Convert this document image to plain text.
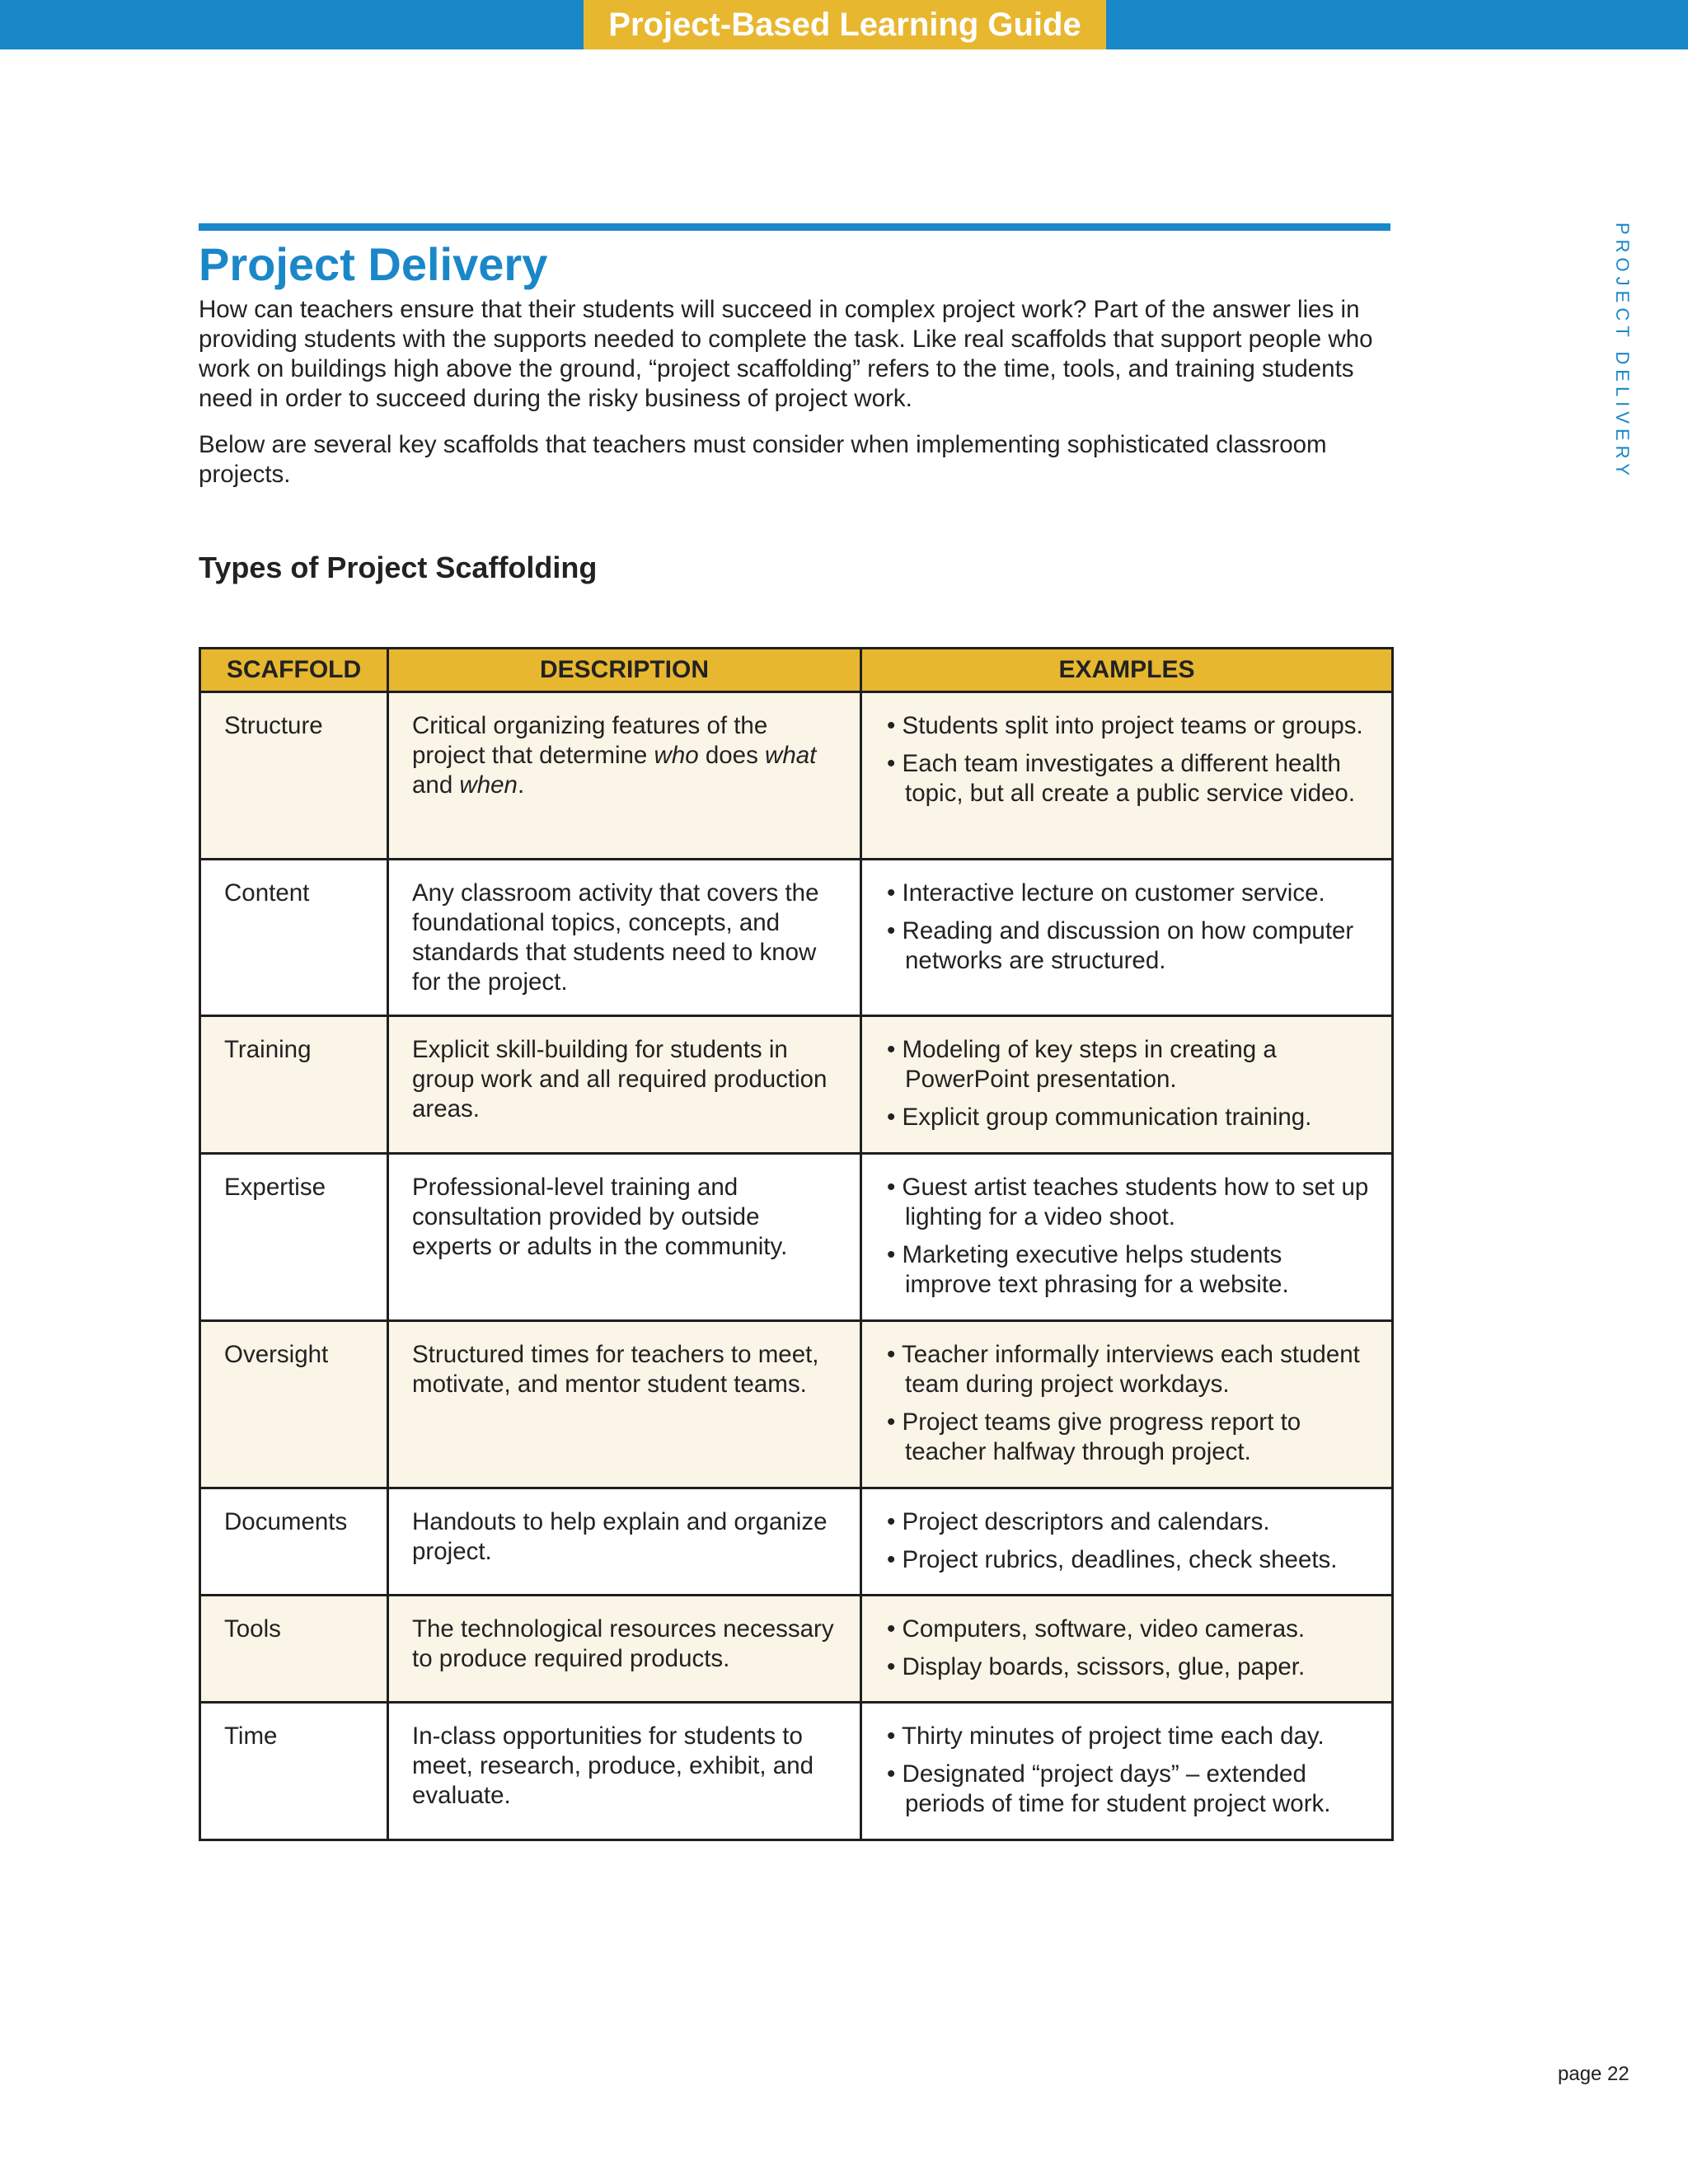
Project-Based Learning Guide
Project Delivery

How can teachers ensure that their students will succeed in complex project work? Part of the answer lies in providing students with the supports needed to complete the task. Like real scaffolds that support people who work on buildings high above the ground, “project scaffolding” refers to the time, tools, and training students need in order to succeed during the risky business of project work.

Below are several key scaffolds that teachers must consider when implementing sophisticated classroom projects.

Types of Project Scaffolding
PROJECT DELIVERY
SCAFFOLD	DESCRIPTION	EXAMPLES
Structure	Critical organizing features of the project that determine who does what and when.	• Students split into project teams or groups.
• Each team investigates a different health topic, but all create a public service video.

Content	Any classroom activity that covers the foundational topics, concepts, and standards that students need to know for the project.	• Interactive lecture on customer service.
• Reading and discussion on how computer networks are structured.

Training	Explicit skill-building for students in group work and all required production areas.	• Modeling of key steps in creating a PowerPoint presentation.
• Explicit group communication training.

Expertise	Professional-level training and consultation provided by outside experts or adults in the community.	• Guest artist teaches students how to set up lighting for a video shoot.
• Marketing executive helps students improve text phrasing for a website.

Oversight	Structured times for teachers to meet, motivate, and mentor student teams.	• Teacher informally interviews each student team during project workdays.
• Project teams give progress report to teacher halfway through project.

Documents	Handouts to help explain and organize project.	• Project descriptors and calendars.
• Project rubrics, deadlines, check sheets.

Tools	The technological resources necessary to produce required products.	• Computers, software, video cameras.
• Display boards, scissors, glue, paper.

Time	In-class opportunities for students to meet, research, produce, exhibit, and evaluate.	• Thirty minutes of project time each day.
• Designated “project days” – extended periods of time for student project work.
page 22
